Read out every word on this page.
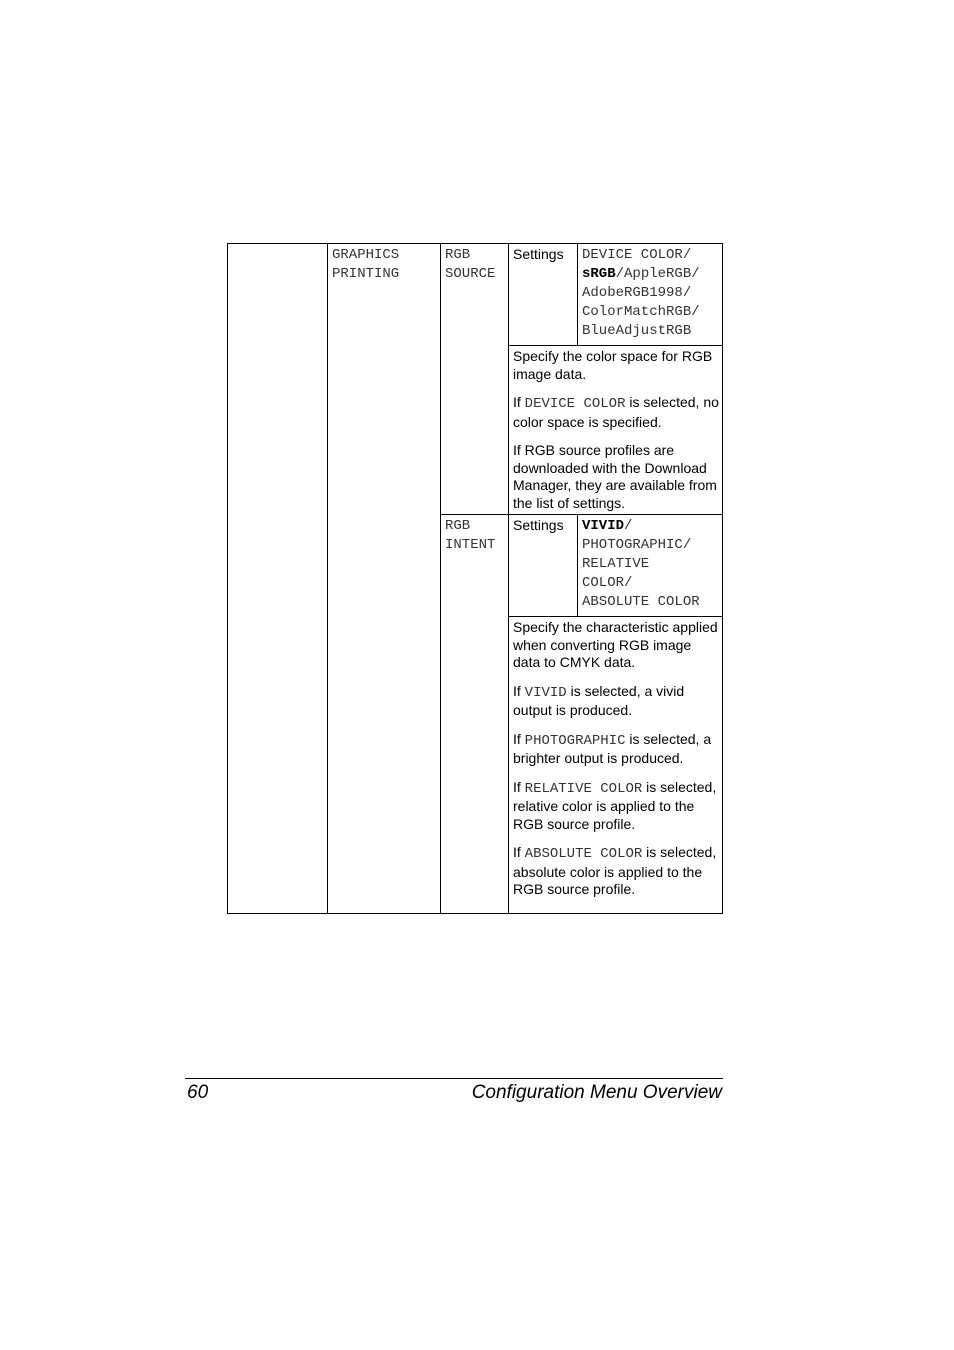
GRAPHICS
PRINTING
RGB
SOURCE
Settings DEVICE COLOR/
sRGB/AppleRGB/
AdobeRGB1998/
ColorMatchRGB/
BlueAdjustRGB

Specify the color space for RGB image data.

If DEVICE COLOR is selected, no color space is specified.

If RGB source profiles are downloaded with the Download Manager, they are available from the list of settings.

RGB
INTENT
Settings VIVID/
PHOTOGRAPHIC/
RELATIVE
COLOR/
ABSOLUTE COLOR

Specify the characteristic applied when converting RGB image data to CMYK data.

If VIVID is selected, a vivid output is produced.

If PHOTOGRAPHIC is selected, a brighter output is produced.

If RELATIVE COLOR is selected, relative color is applied to the RGB source profile.

If ABSOLUTE COLOR is selected, absolute color is applied to the RGB source profile.

60	Configuration Menu Overview
